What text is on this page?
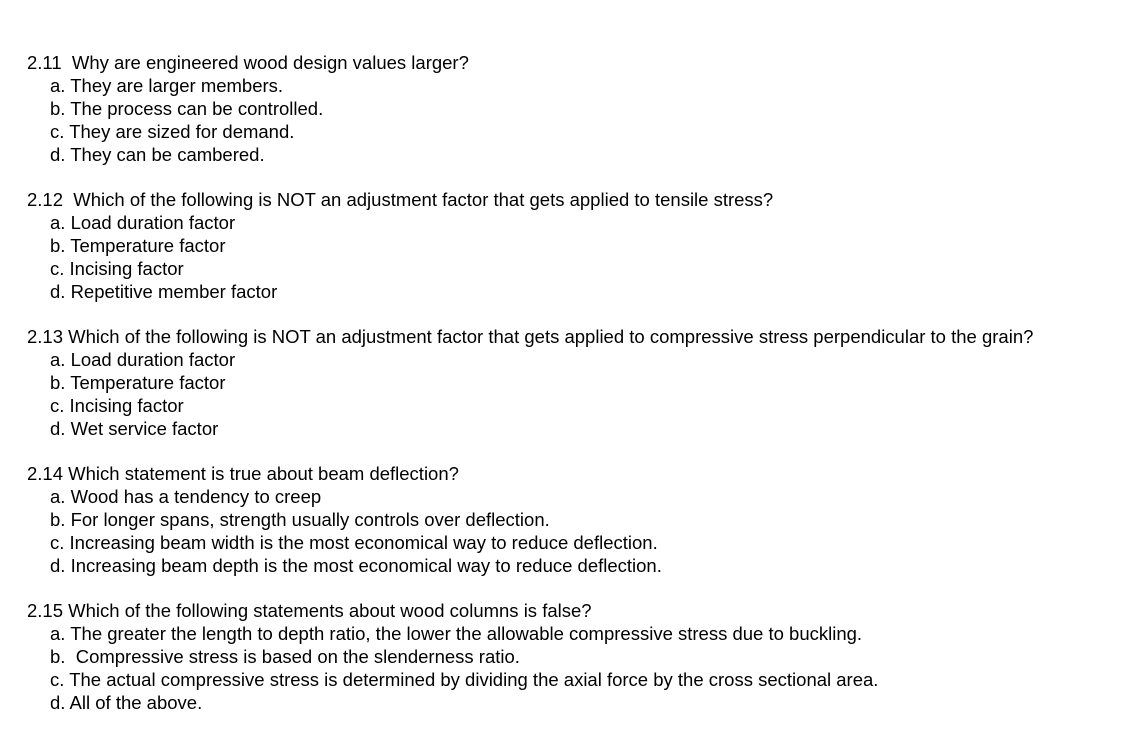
2.11 Why are engineered wood design values larger?
a. They are larger members.
b. The process can be controlled.
c. They are sized for demand.
d. They can be cambered.
2.12 Which of the following is NOT an adjustment factor that gets applied to tensile stress?
a. Load duration factor
b. Temperature factor
c. Incising factor
d. Repetitive member factor
2.13 Which of the following is NOT an adjustment factor that gets applied to compressive stress perpendicular to the grain?
a. Load duration factor
b. Temperature factor
c. Incising factor
d. Wet service factor
2.14 Which statement is true about beam deflection?
a. Wood has a tendency to creep
b. For longer spans, strength usually controls over deflection.
c. Increasing beam width is the most economical way to reduce deflection.
d. Increasing beam depth is the most economical way to reduce deflection.
2.15 Which of the following statements about wood columns is false?
a. The greater the length to depth ratio, the lower the allowable compressive stress due to buckling.
b.  Compressive stress is based on the slenderness ratio.
c. The actual compressive stress is determined by dividing the axial force by the cross sectional area.
d. All of the above.
